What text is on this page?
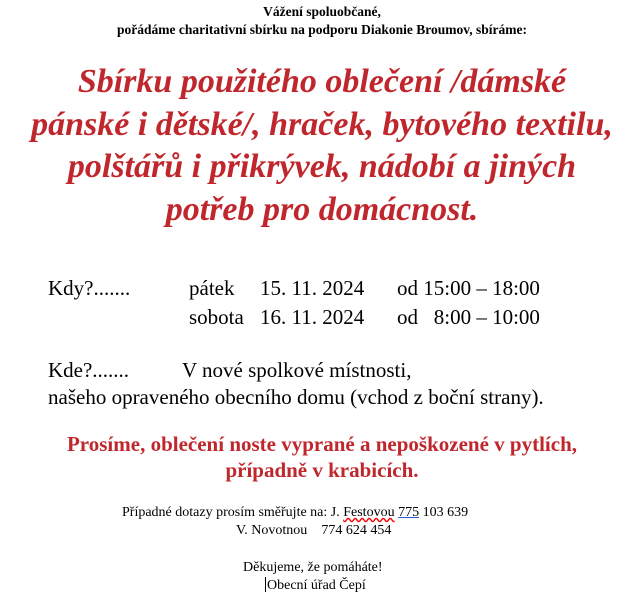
Vážení spoluobčané,
pořádáme charitativní sbírku na podporu Diakonie Broumov, sbíráme:
Sbírku použitého oblečení /dámské
pánské i dětské/, hraček, bytového textilu,
polštářů i přikrývek, nádobí a jiných
potřeb pro domácnost.
Kdy?.......	pátek 15. 11. 2024 od 15:00 – 18:00
sobota 16. 11. 2024 od   8:00 – 10:00
Kde?.......	V nové spolkové místnosti,
našeho opraveného obecního domu (vchod z boční strany).
Prosíme, oblečení noste vyprané a nepoškozené v pytlích,
případně v krabicích.
Případné dotazy prosím směřujte na: J. Festovou 775 103 639
V. Novotnou 774 624 454
Děkujeme, že pomáháte!
Obecní úřad Čepí
